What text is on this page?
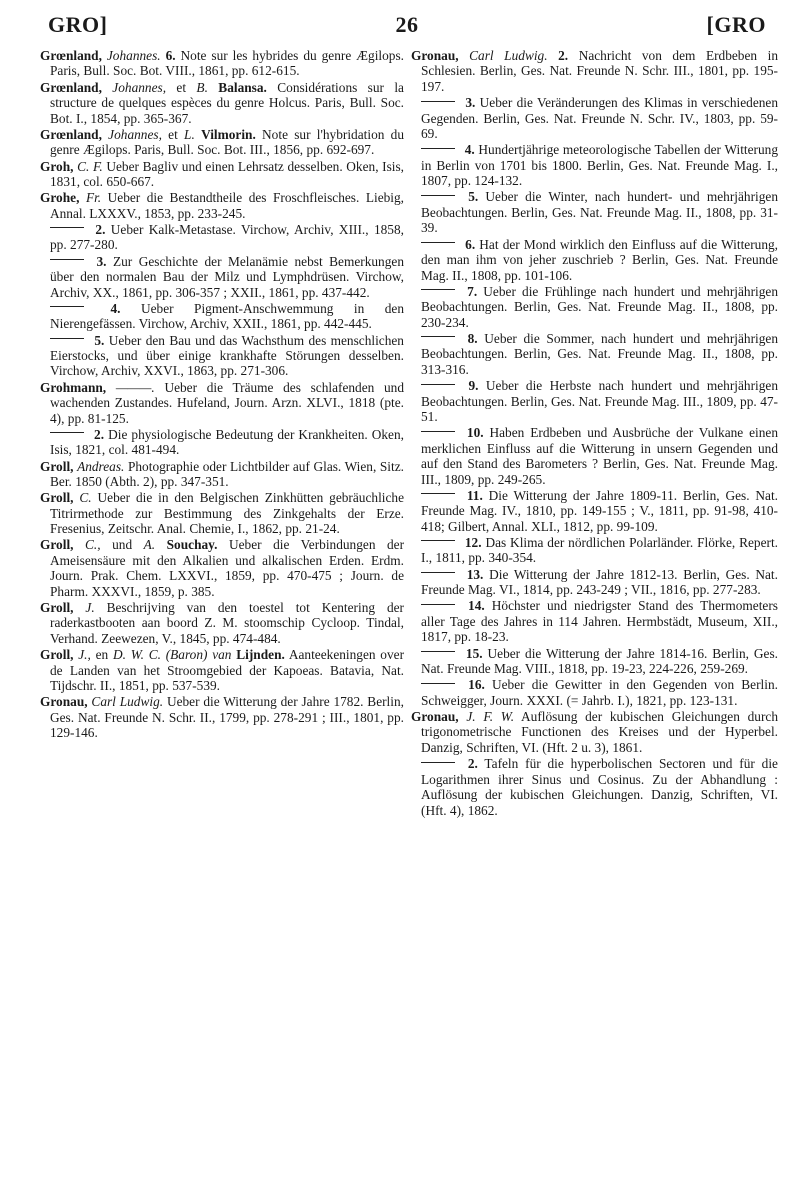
GRO]	26	[GRO

Grœnland, Johannes. 6. Note sur les hybrides du genre Ægilops. Paris, Bull. Soc. Bot. VIII., 1861, pp. 612-615.

Grœnland, Johannes, et B. Balansa. Considérations sur la structure de quelques espèces du genre Holcus. Paris, Bull. Soc. Bot. I., 1854, pp. 365-367.

Grœnland, Johannes, et L. Vilmorin. Note sur l'hybridation du genre Ægilops. Paris, Bull. Soc. Bot. III., 1856, pp. 692-697.

Groh, C. F. Ueber Bagliv und einen Lehrsatz desselben. Oken, Isis, 1831, col. 650-667.

Grohe, Fr. Ueber die Bestandtheile des Froschfleisches. Liebig, Annal. LXXXV., 1853, pp. 233-245.

2. Ueber Kalk-Metastase. Virchow, Archiv, XIII., 1858, pp. 277-280.

3. Zur Geschichte der Melanämie nebst Bemerkungen über den normalen Bau der Milz und Lymphdrüsen. Virchow, Archiv, XX., 1861, pp. 306-357 ; XXII., 1861, pp. 437-442.

4. Ueber Pigment-Anschwemmung in den Nierengefässen. Virchow, Archiv, XXII., 1861, pp. 442-445.

5. Ueber den Bau und das Wachsthum des menschlichen Eierstocks, und über einige krankhafte Störungen desselben. Virchow, Archiv, XXVI., 1863, pp. 271-306.

Grohmann, ———. Ueber die Träume des schlafenden und wachenden Zustandes. Hufeland, Journ. Arzn. XLVI., 1818 (pte. 4), pp. 81-125.

2. Die physiologische Bedeutung der Krankheiten. Oken, Isis, 1821, col. 481-494.

Groll, Andreas. Photographie oder Lichtbilder auf Glas. Wien, Sitz. Ber. 1850 (Abth. 2), pp. 347-351.

Groll, C. Ueber die in den Belgischen Zinkhütten gebräuchliche Titrirmethode zur Bestimmung des Zinkgehalts der Erze. Fresenius, Zeitschr. Anal. Chemie, I., 1862, pp. 21-24.

Groll, C., und A. Souchay. Ueber die Verbindungen der Ameisensäure mit den Alkalien und alkalischen Erden. Erdm. Journ. Prak. Chem. LXXVI., 1859, pp. 470-475 ; Journ. de Pharm. XXXVI., 1859, p. 385.

Groll, J. Beschrijving van den toestel tot Kentering der raderkastbooten aan boord Z. M. stoomschip Cycloop. Tindal, Verhand. Zeewezen, V., 1845, pp. 474-484.

Groll, J., en D. W. C. (Baron) van Lijnden. Aanteekeningen over de Landen van het Stroomgebied der Kapoeas. Batavia, Nat. Tijdschr. II., 1851, pp. 537-539.

Gronau, Carl Ludwig. Ueber die Witterung der Jahre 1782. Berlin, Ges. Nat. Freunde N. Schr. II., 1799, pp. 278-291 ; III., 1801, pp. 129-146.

Gronau, Carl Ludwig. 2. Nachricht von dem Erdbeben in Schlesien. Berlin, Ges. Nat. Freunde N. Schr. III., 1801, pp. 195-197.

3. Ueber die Veränderungen des Klimas in verschiedenen Gegenden. Berlin, Ges. Nat. Freunde N. Schr. IV., 1803, pp. 59-69.

4. Hundertjährige meteorologische Tabellen der Witterung in Berlin von 1701 bis 1800. Berlin, Ges. Nat. Freunde Mag. I., 1807, pp. 124-132.

5. Ueber die Winter, nach hundert- und mehrjährigen Beobachtungen. Berlin, Ges. Nat. Freunde Mag. II., 1808, pp. 31-39.

6. Hat der Mond wirklich den Einfluss auf die Witterung, den man ihm von jeher zuschrieb ? Berlin, Ges. Nat. Freunde Mag. II., 1808, pp. 101-106.

7. Ueber die Frühlinge nach hundert und mehrjährigen Beobachtungen. Berlin, Ges. Nat. Freunde Mag. II., 1808, pp. 230-234.

8. Ueber die Sommer, nach hundert und mehrjährigen Beobachtungen. Berlin, Ges. Nat. Freunde Mag. II., 1808, pp. 313-316.

9. Ueber die Herbste nach hundert und mehrjährigen Beobachtungen. Berlin, Ges. Nat. Freunde Mag. III., 1809, pp. 47-51.

10. Haben Erdbeben und Ausbrüche der Vulkane einen merklichen Einfluss auf die Witterung in unsern Gegenden und auf den Stand des Barometers ? Berlin, Ges. Nat. Freunde Mag. III., 1809, pp. 249-265.

11. Die Witterung der Jahre 1809-11. Berlin, Ges. Nat. Freunde Mag. IV., 1810, pp. 149-155 ; V., 1811, pp. 91-98, 410-418; Gilbert, Annal. XLI., 1812, pp. 99-109.

12. Das Klima der nördlichen Polarländer. Flörke, Repert. I., 1811, pp. 340-354.

13. Die Witterung der Jahre 1812-13. Berlin, Ges. Nat. Freunde Mag. VI., 1814, pp. 243-249 ; VII., 1816, pp. 277-283.

14. Höchster und niedrigster Stand des Thermometers aller Tage des Jahres in 114 Jahren. Hermbstädt, Museum, XII., 1817, pp. 18-23.

15. Ueber die Witterung der Jahre 1814-16. Berlin, Ges. Nat. Freunde Mag. VIII., 1818, pp. 19-23, 224-226, 259-269.

16. Ueber die Gewitter in den Gegenden von Berlin. Schweigger, Journ. XXXI. (= Jahrb. I.), 1821, pp. 123-131.

Gronau, J. F. W. Auflösung der kubischen Gleichungen durch trigonometrische Functionen des Kreises und der Hyperbel. Danzig, Schriften, VI. (Hft. 2 u. 3), 1861.

2. Tafeln für die hyperbolischen Sectoren und für die Logarithmen ihrer Sinus und Cosinus. Zu der Abhandlung : Auflösung der kubischen Gleichungen. Danzig, Schriften, VI. (Hft. 4), 1862.
